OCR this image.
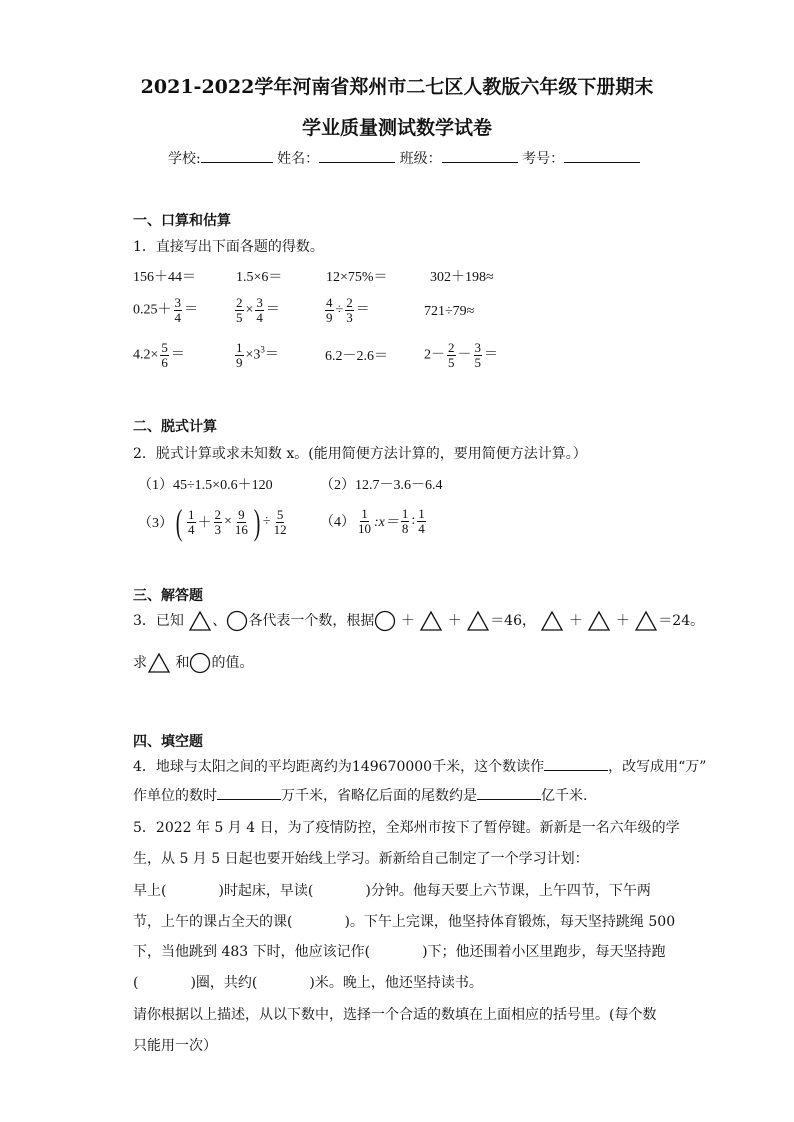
2021-2022学年河南省郑州市二七区人教版六年级下册期末
学业质量测试数学试卷
学校:	姓名：	班级：	考号：
一、口算和估算
1．直接写出下面各题的得数。
156＋44＝	1.5×6＝	12×75%＝	302＋198≈
$0.25+ \frac{3}{4}$ ＝	$\frac{2}{5} \times \frac{3}{4}$ ＝	$\frac{4}{9} \div \frac{2}{3}$ ＝	721÷79≈
$4.2\times \frac{5}{6}$ ＝	$\frac{1}{9} \times 3^3=$	6.2－2.6＝	$2- \frac{2}{5} - \frac{3}{5}$ ＝
二、脱式计算
2．脱式计算或求未知数 x。(能用简便方法计算的，要用简便方法计算。）
（1）45÷1.5×0.6＋120	（2）12.7－3.6－6.4
$(3)( \frac{1}{4} + \frac{2}{3} \times \frac{9}{16}$ ) ÷ $\frac{5}{12} (4) \frac{1}{10}$ :x＝ $\frac{1}{8}$ : $\frac{1}{4}$
三、解答题
3．已知 、 各代表一个数，根据 ＋ ＋ ＝46， ＋ ＋ ＝24。
求 和 的值。
四、填空题
4．地球与太阳之间的平均距离约为149670000千米，这个数读作	，改写成用“万”
作单位的数时	万千米，省略亿后面的尾数约是	亿千米.
5．2022 年 5 月 4 日，为了疫情防控，全郑州市按下了暂停键。新新是一名六年级的学
生，从 5 月 5 日起也要开始线上学习。新新给自己制定了一个学习计划：
早上(	)时起床，早读(	)分钟。他每天要上六节课，上午四节，下午两
节，上午的课占全天的课(	)。下午上完课，他坚持体育锻炼，每天坚持跳绳 500
下，当他跳到 483 下时，他应该记作(	)下；他还围着小区里跑步，每天坚持跑
(	)圈，共约(	)米。晚上，他还坚持读书。
请你根据以上描述，从以下数中，选择一个合适的数填在上面相应的括号里。(每个数
只能用一次）
